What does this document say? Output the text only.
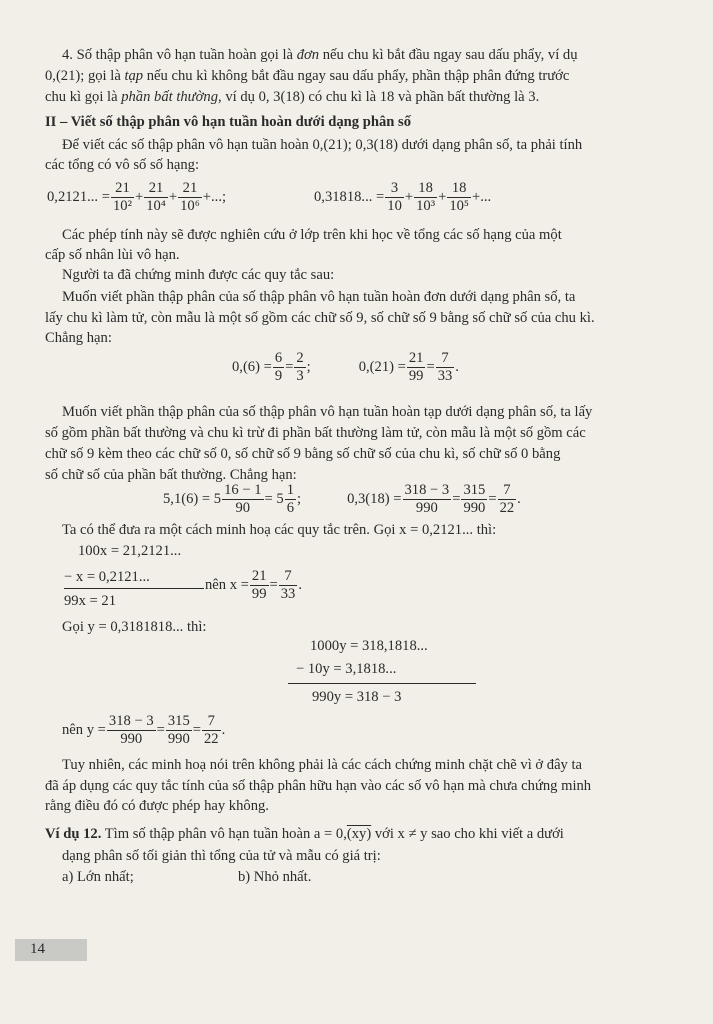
4. Số thập phân vô hạn tuần hoàn gọi là đơn nếu chu kì bắt đầu ngay sau dấu phẩy, ví dụ
0,(21); gọi là tạp nếu chu kì không bắt đầu ngay sau dấu phẩy, phần thập phân đứng trước
chu kì gọi là phần bất thường, ví dụ 0, 3(18) có chu kì là 18 và phần bất thường là 3.
II – Viết số thập phân vô hạn tuần hoàn dưới dạng phân số
Để viết các số thập phân vô hạn tuần hoàn 0,(21); 0,3(18) dưới dạng phân số, ta phải tính
các tổng có vô số số hạng:
0,2121... = $\frac{21}{\text{10²}} + \frac{21}{\text{10⁴}} + \frac{21}{\text{10⁶}}$ +...;	0,31818... = $\frac{3}{10} + \frac{18}{\text{10³}} + \frac{18}{\text{10⁵}}$ +...
Các phép tính này sẽ được nghiên cứu ở lớp trên khi học về tổng các số hạng của một
cấp số nhân lùi vô hạn.
Người ta đã chứng minh được các quy tắc sau:
Muốn viết phần thập phân của số thập phân vô hạn tuần hoàn đơn dưới dạng phân số, ta
lấy chu kì làm tử, còn mẫu là một số gồm các chữ số 9, số chữ số 9 bằng số chữ số của chu kì.
Chẳng hạn:
$0,(6) = \frac{6}{9} = \frac{2}{3}$ ;	$0,(21) = \frac{21}{99} = \frac{7}{33}$ .
Muốn viết phần thập phân của số thập phân vô hạn tuần hoàn tạp dưới dạng phân số, ta lấy
số gồm phần bất thường và chu kì trừ đi phần bất thường làm tử, còn mẫu là một số gồm các
chữ số 9 kèm theo các chữ số 0, số chữ số 9 bằng số chữ số của chu kì, số chữ số 0 bằng
số chữ số của phần bất thường. Chẳng hạn:
$5,1(6) = 5 \frac{16 - 1}{90} = 5 \frac{1}{6}$ ;	$0,3(18) = \frac{318 - 3}{990} = \frac{315}{990} = \frac{7}{22}$ .
Ta có thể đưa ra một cách minh hoạ các quy tắc trên. Gọi x = 0,2121... thì:
100x = 21,2121...
− x = 0,2121...
99x = 21
nên $x = \frac{21}{99} = \frac{7}{33}$ .
Gọi y = 0,3181818... thì:
1000y = 318,1818...
− 10y = 3,1818...
990y = 318 − 3
nên $y = \frac{318 - 3}{990} = \frac{315}{990} = \frac{7}{22}$ .
Tuy nhiên, các minh hoạ nói trên không phải là các cách chứng minh chặt chẽ vì ở đây ta
đã áp dụng các quy tắc tính của số thập phân hữu hạn vào các số vô hạn mà chưa chứng minh
rằng điều đó có được phép hay không.
Ví dụ 12. Tìm số thập phân vô hạn tuần hoàn a = 0,(xy) với x ≠ y sao cho khi viết a dưới
dạng phân số tối giản thì tổng của tử và mẫu có giá trị:
a) Lớn nhất;	b) Nhỏ nhất.
14
